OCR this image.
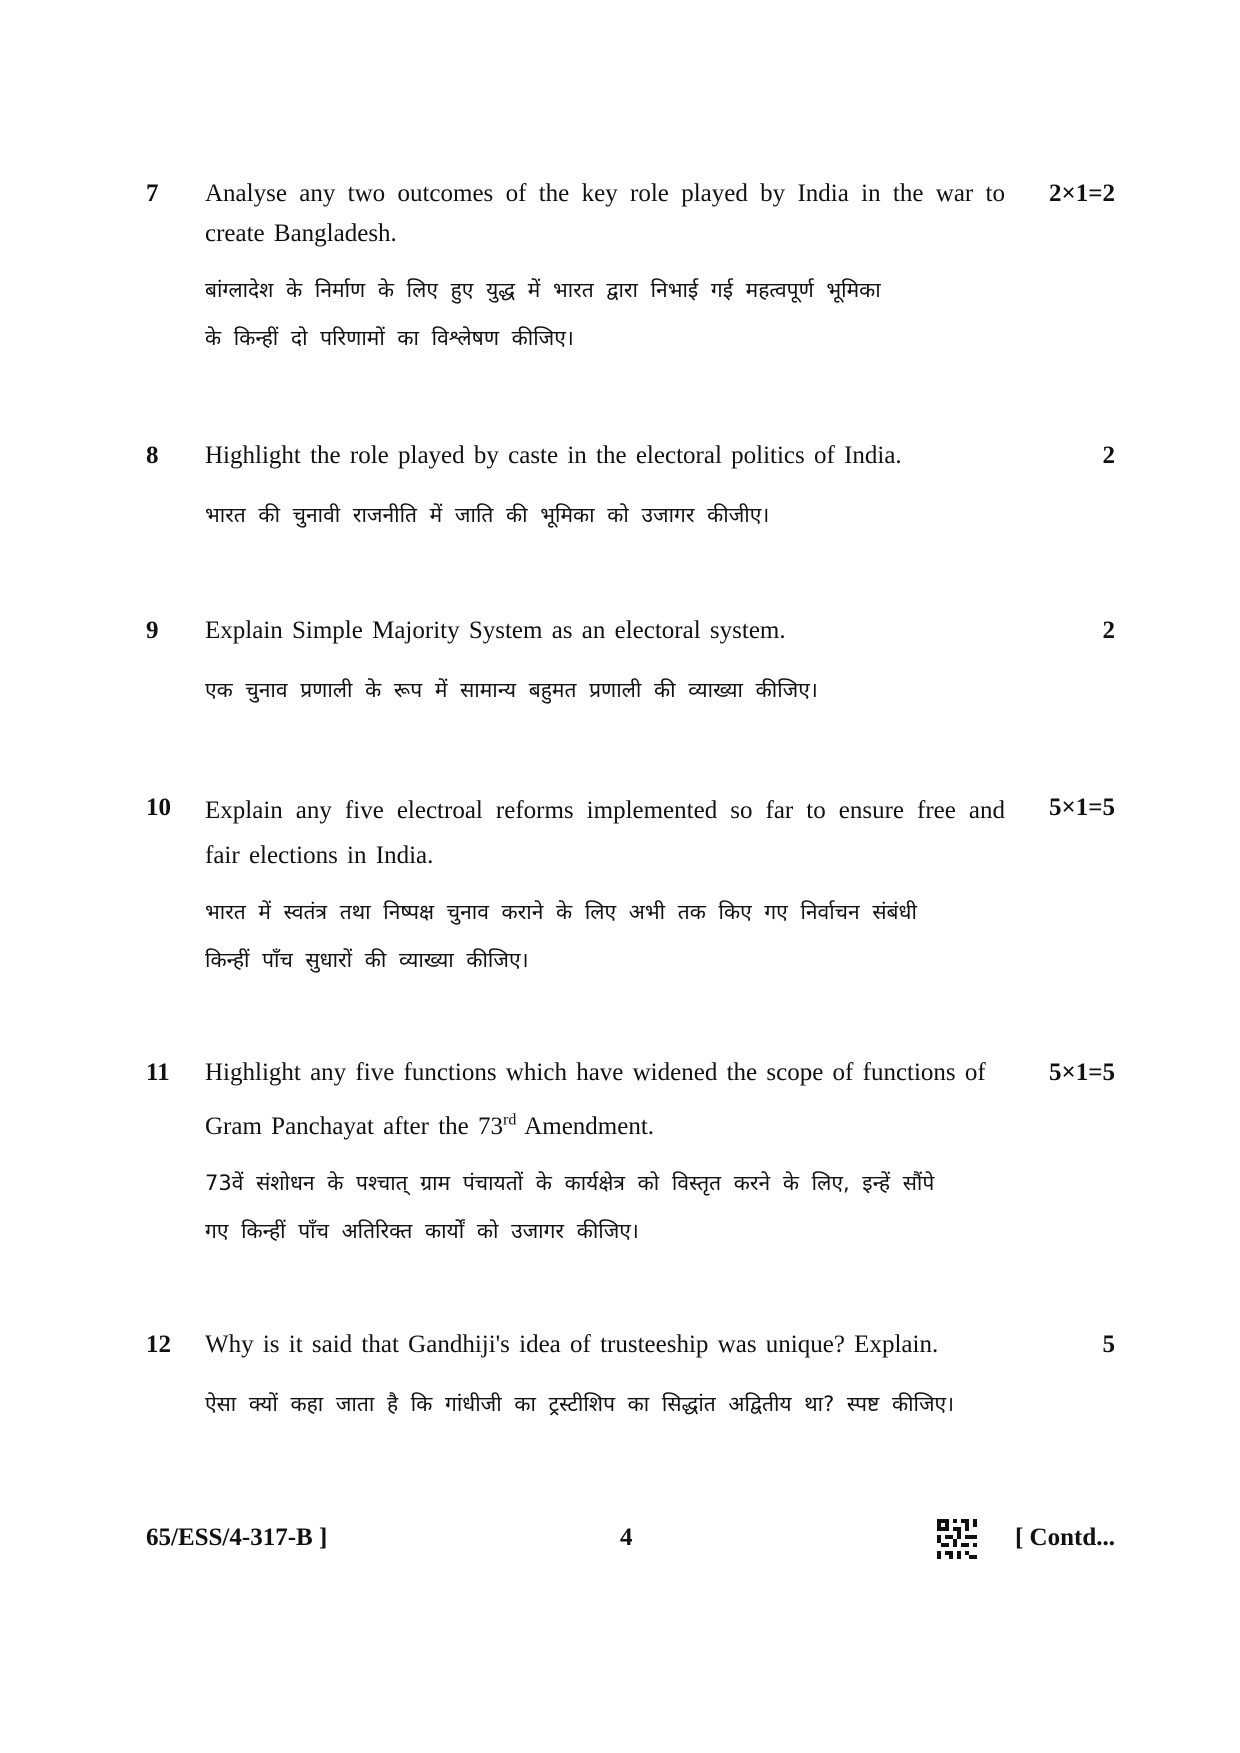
7 Analyse any two outcomes of the key role played by India in the war to create Bangladesh.
2×1=2
बांग्लादेश के निर्माण के लिए हुए युद्ध में भारत द्वारा निभाई गई महत्वपूर्ण भूमिका
के किन्हीं दो परिणामों का विश्लेषण कीजिए।
8 Highlight the role played by caste in the electoral politics of India.	2
भारत की चुनावी राजनीति में जाति की भूमिका को उजागर कीजीए।
9 Explain Simple Majority System as an electoral system.	2
एक चुनाव प्रणाली के रूप में सामान्य बहुमत प्रणाली की व्याख्या कीजिए।
10 Explain any five electroal reforms implemented so far to ensure free and fair elections in India.
5×1=5
भारत में स्वतंत्र तथा निष्पक्ष चुनाव कराने के लिए अभी तक किए गए निर्वाचन संबंधी
किन्हीं पाँच सुधारों की व्याख्या कीजिए।
11 Highlight any five functions which have widened the scope of functions of
Gram Panchayat after the 73rd Amendment.
5×1=5
73वें संशोधन के पश्चात् ग्राम पंचायतों के कार्यक्षेत्र को विस्तृत करने के लिए, इन्हें सौंपे
गए किन्हीं पाँच अतिरिक्त कार्यों को उजागर कीजिए।
12 Why is it said that Gandhiji's idea of trusteeship was unique? Explain.	5
ऐसा क्यों कहा जाता है कि गांधीजी का ट्रस्टीशिप का सिद्धांत अद्वितीय था? स्पष्ट कीजिए।
65/ESS/4-317-B ]	4	[ Contd...
